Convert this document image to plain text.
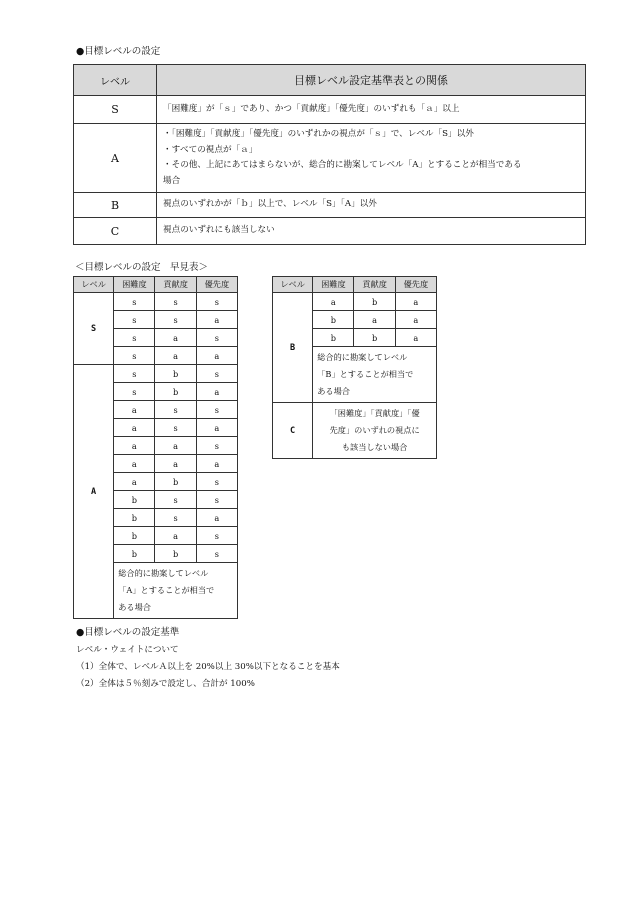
●目標レベルの設定
レベル	目標レベル設定基準表との関係
S	「困難度」が「ｓ」であり、かつ「貢献度」「優先度」のいずれも「ａ」以上

A	・「困難度」「貢献度」「優先度」のいずれかの視点が「ｓ」で、レベル「S」以外
・すべての視点が「ａ」
・その他、上記にあてはまらないが、総合的に勘案してレベル「A」とすることが相当である
場合

B	視点のいずれかが「ｂ」以上で、レベル「S」「A」以外

C	視点のいずれにも該当しない
＜目標レベルの設定　早見表＞
レベル	困難度	貢献度	優先度
S	s	s	s
	s	s	a
	s	a	s
	s	a	a
A	s	b	s
	s	b	a
	a	s	s
	a	s	a
	a	a	s
	a	a	a
	a	b	s
	b	s	s
	b	s	a
	b	a	s
	b	b	s

	総合的に勘案してレベル
「A」とすることが相当で
ある場合		
レベル	困難度	貢献度	優先度
B	a	b	a
	b	a	a
	b	b	a

	総合的に勘案してレベル
「B」とすることが相当で
ある場合		

C	「困難度」「貢献度」「優
先度」のいずれの視点に
も該当しない場合		
●目標レベルの設定基準
レベル・ウェイトについて
（1）全体で、レベルＡ以上を 20%以上 30%以下となることを基本
（2）全体は５％刻みで設定し、合計が 100%
